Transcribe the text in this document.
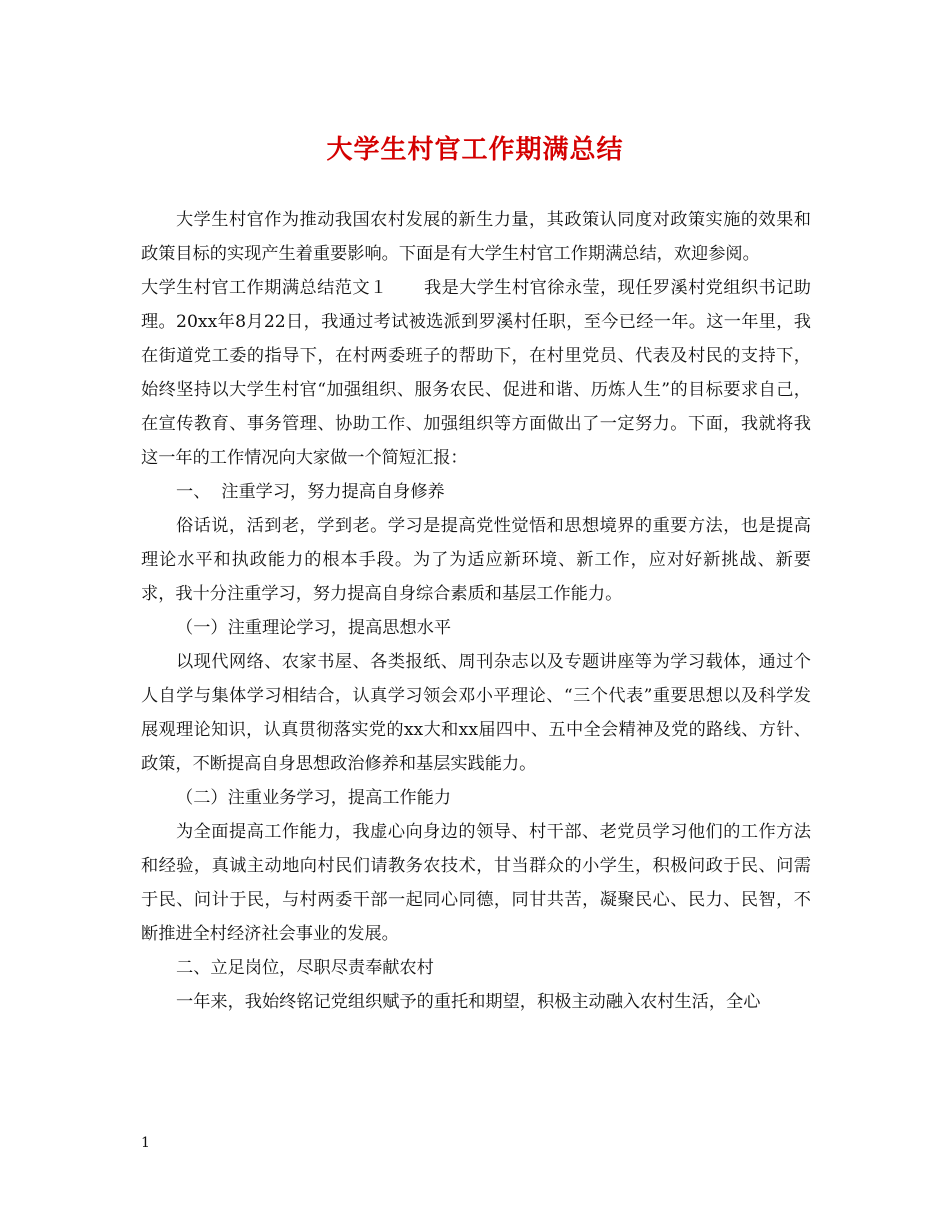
大学生村官工作期满总结

大学生村官作为推动我国农村发展的新生力量，其政策认同度对政策实施的效果和政策目标的实现产生着重要影响。下面是有大学生村官工作期满总结，欢迎参阅。

大学生村官工作期满总结范文１ 我是大学生村官徐永莹，现任罗溪村党组织书记助理。20xx年8月22日，我通过考试被选派到罗溪村任职，至今已经一年。这一年里，我在街道党工委的指导下，在村两委班子的帮助下，在村里党员、代表及村民的支持下，始终坚持以大学生村官“加强组织、服务农民、促进和谐、历炼人生”的目标要求自己，在宣传教育、事务管理、协助工作、加强组织等方面做出了一定努力。下面，我就将我这一年的工作情况向大家做一个简短汇报：

一、  注重学习，努力提高自身修养

俗话说，活到老，学到老。学习是提高党性觉悟和思想境界的重要方法，也是提高理论水平和执政能力的根本手段。为了为适应新环境、新工作，应对好新挑战、新要求，我十分注重学习，努力提高自身综合素质和基层工作能力。

（一）注重理论学习，提高思想水平

以现代网络、农家书屋、各类报纸、周刊杂志以及专题讲座等为学习载体，通过个人自学与集体学习相结合，认真学习领会邓小平理论、“三个代表”重要思想以及科学发展观理论知识，认真贯彻落实党的xx大和xx届四中、五中全会精神及党的路线、方针、政策，不断提高自身思想政治修养和基层实践能力。

（二）注重业务学习，提高工作能力

为全面提高工作能力，我虚心向身边的领导、村干部、老党员学习他们的工作方法和经验，真诚主动地向村民们请教务农技术，甘当群众的小学生，积极问政于民、问需于民、问计于民，与村两委干部一起同心同德，同甘共苦，凝聚民心、民力、民智，不断推进全村经济社会事业的发展。

二、立足岗位，尽职尽责奉献农村

一年来，我始终铭记党组织赋予的重托和期望，积极主动融入农村生活，全心

1
